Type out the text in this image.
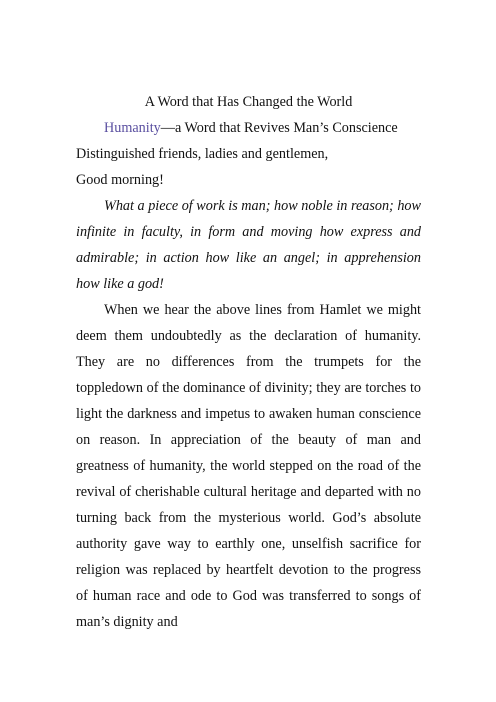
A Word that Has Changed the World

Humanity—a Word that Revives Man’s Conscience

Distinguished friends, ladies and gentlemen,

Good morning!

What a piece of work is man; how noble in reason; how infinite in faculty, in form and moving how express and admirable; in action how like an angel; in apprehension how like a god!

When we hear the above lines from Hamlet we might deem them undoubtedly as the declaration of humanity. They are no differences from the trumpets for the toppledown of the dominance of divinity; they are torches to light the darkness and impetus to awaken human conscience on reason. In appreciation of the beauty of man and greatness of humanity, the world stepped on the road of the revival of cherishable cultural heritage and departed with no turning back from the mysterious world. God’s absolute authority gave way to earthly one, unselfish sacrifice for religion was replaced by heartfelt devotion to the progress of human race and ode to God was transferred to songs of man’s dignity and
